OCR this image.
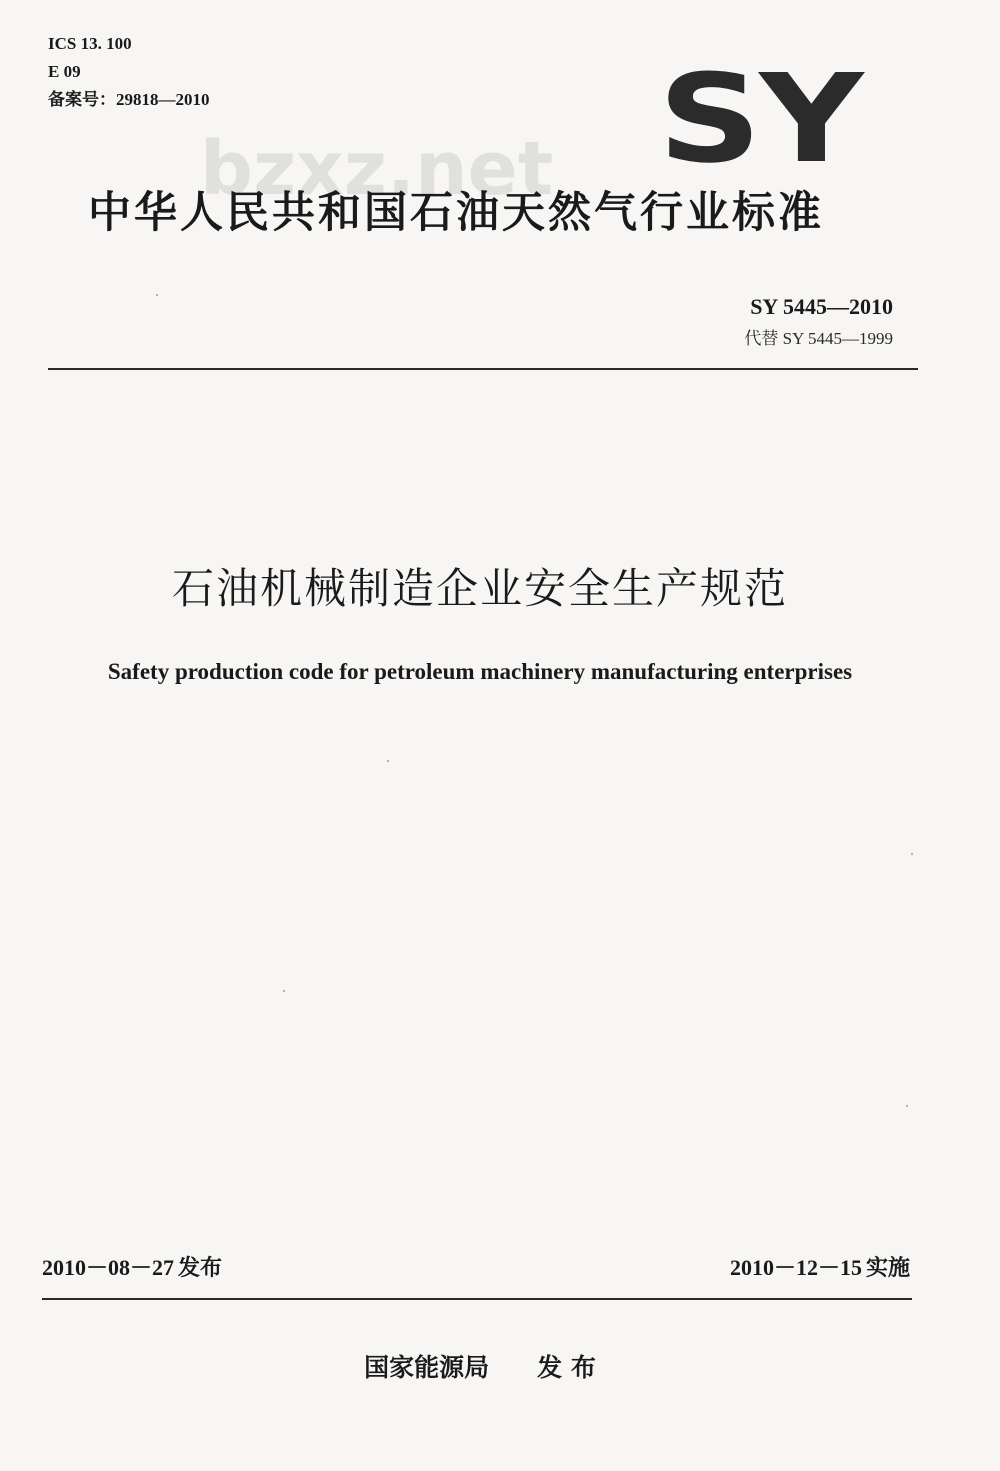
ICS 13. 100
E 09
备案号：29818—2010	SY
bzxz.net
中华人民共和国石油天然气行业标准
SY 5445—2010
代替 SY 5445—1999
石油机械制造企业安全生产规范
Safety production code for petroleum machinery manufacturing enterprises
2010－08－27 发布	2010－12－15 实施
国家能源局 发 布
